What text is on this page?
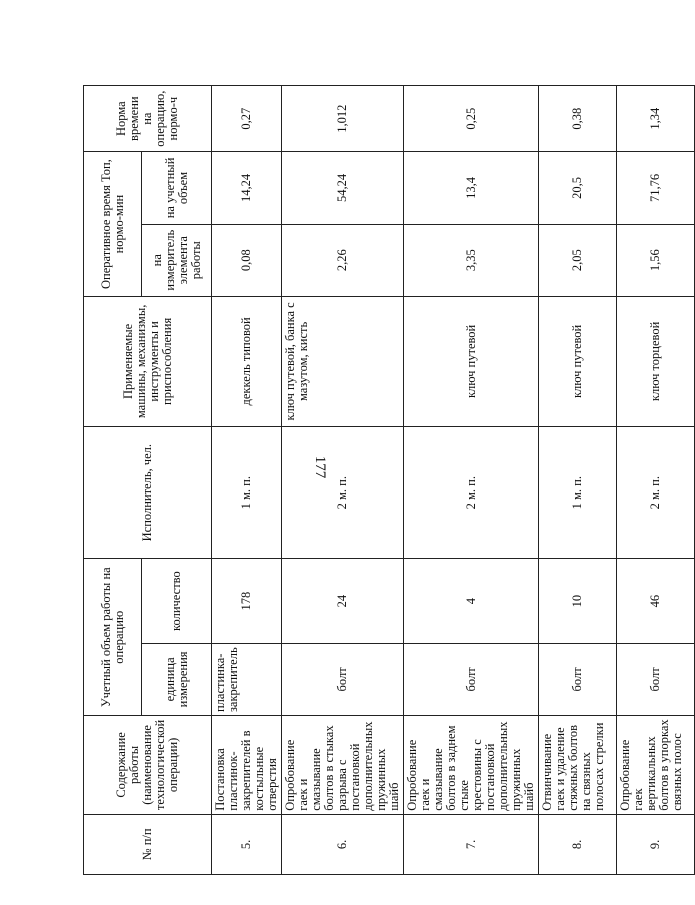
177
№ п/п	Содержание работы (наименование технологической операции)	Учетный объем работы на операцию		Исполнитель, чел.	Применяемые машины, механизмы, инструменты и приспособления	Оперативное время Топ, нормо-мин		Норма времени на операцию, нормо-ч
		единица измерения	количество			на измеритель элемента работы	на учетный объем	
5.	Постановка пластинок-закрепителей в костыльные отверстия	пластинка-закрепитель	178	1 м. п.	деккель типовой	0,08	14,24	0,27
6.	Опробование гаек и смазывание болтов в стыках разрыва с постановкой дополнительных пружинных шайб	болт	24	2 м. п.	ключ путевой, банка с мазутом, кисть	2,26	54,24	1,012
7.	Опробование гаек и смазывание болтов в заднем стыке крестовины с постановкой дополнительных пружинных шайб	болт	4	2 м. п.	ключ путевой	3,35	13,4	0,25
8.	Отвинчивание гаек и удаление стяжных болтов на связных полосах стрелки	болт	10	1 м. п.	ключ путевой	2,05	20,5	0,38
9.	Опробование гаек вертикальных болтов в упорках связных полос	болт	46	2 м. п.	ключ торцевой	1,56	71,76	1,34
